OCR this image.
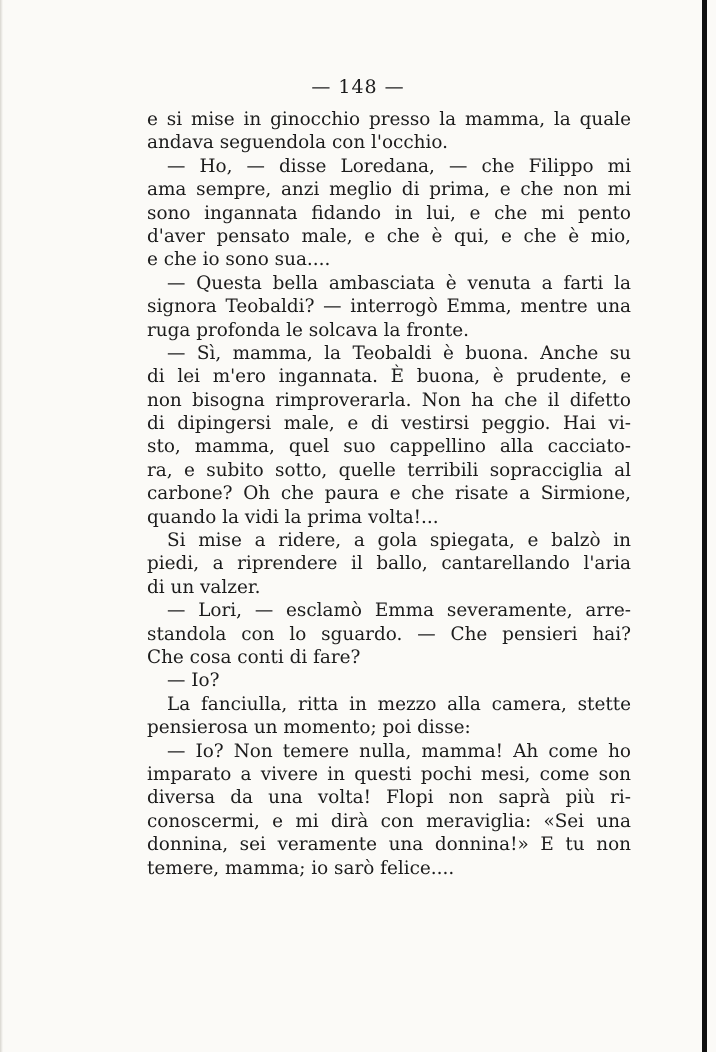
— 148 —
e si mise in ginocchio presso la mamma, la quale
andava seguendola con l'occhio.
— Ho, — disse Loredana, — che Filippo mi
ama sempre, anzi meglio di prima, e che non mi
sono ingannata fidando in lui, e che mi pento
d'aver pensato male, e che è qui, e che è mio,
e che io sono sua....
— Questa bella ambasciata è venuta a farti la
signora Teobaldi? — interrogò Emma, mentre una
ruga profonda le solcava la fronte.
— Sì, mamma, la Teobaldi è buona. Anche su
di lei m'ero ingannata. È buona, è prudente, e
non bisogna rimproverarla. Non ha che il difetto
di dipingersi male, e di vestirsi peggio. Hai vi-
sto, mamma, quel suo cappellino alla cacciato-
ra, e subito sotto, quelle terribili sopracciglia al
carbone? Oh che paura e che risate a Sirmione,
quando la vidi la prima volta!...
Si mise a ridere, a gola spiegata, e balzò in
piedi, a riprendere il ballo, cantarellando l'aria
di un valzer.
— Lori, — esclamò Emma severamente, arre-
standola con lo sguardo. — Che pensieri hai?
Che cosa conti di fare?
— Io?
La fanciulla, ritta in mezzo alla camera, stette
pensierosa un momento; poi disse:
— Io? Non temere nulla, mamma! Ah come ho
imparato a vivere in questi pochi mesi, come son
diversa da una volta! Flopi non saprà più ri-
conoscermi, e mi dirà con meraviglia: «Sei una
donnina, sei veramente una donnina!» E tu non
temere, mamma; io sarò felice....
